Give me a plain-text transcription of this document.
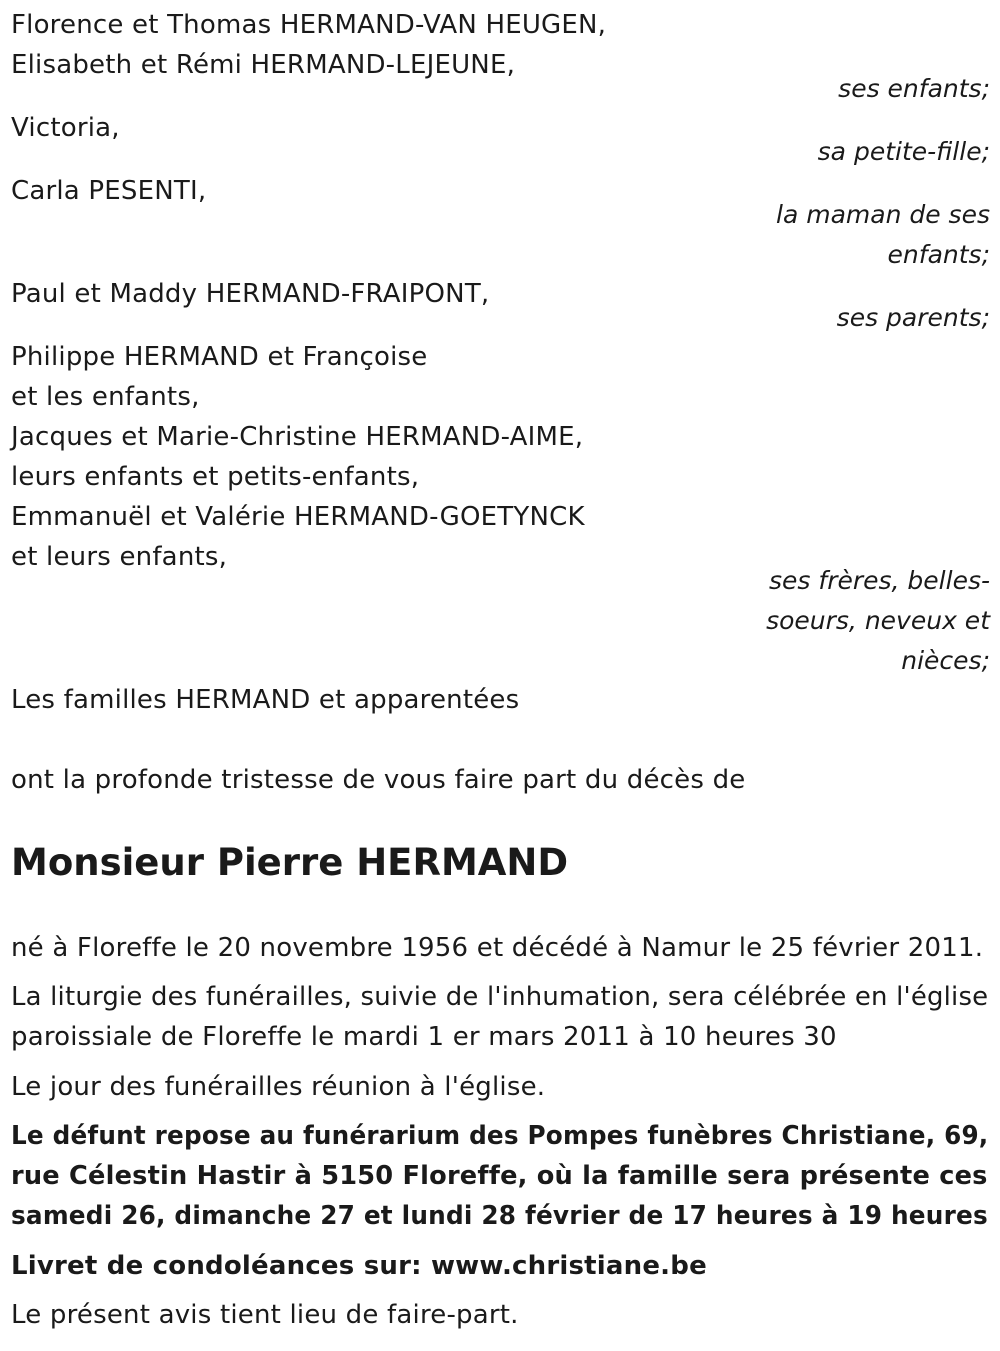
Florence et Thomas HERMAND-VAN HEUGEN,
Elisabeth et Rémi HERMAND-LEJEUNE,
ses enfants;
Victoria,
sa petite-fille;
Carla PESENTI,
la maman de ses
enfants;
Paul et Maddy HERMAND-FRAIPONT,
ses parents;
Philippe HERMAND et Françoise
et les enfants,
Jacques et Marie-Christine HERMAND-AIME,
leurs enfants et petits-enfants,
Emmanuël et Valérie HERMAND-GOETYNCK
et leurs enfants,
ses frères, belles-
soeurs, neveux et
nièces;
Les familles HERMAND et apparentées
ont la profonde tristesse de vous faire part du décès de
Monsieur Pierre HERMAND
né à Floreffe le 20 novembre 1956 et décédé à Namur le 25 février 2011.
La liturgie des funérailles, suivie de l'inhumation, sera célébrée en l'église
paroissiale de Floreffe le mardi 1 er mars 2011 à 10 heures 30
Le jour des funérailles réunion à l'église.
Le défunt repose au funérarium des Pompes funèbres Christiane, 69,
rue Célestin Hastir à 5150 Floreffe, où la famille sera présente ces
samedi 26, dimanche 27 et lundi 28 février de 17 heures à 19 heures
Livret de condoléances sur: www.christiane.be
Le présent avis tient lieu de faire-part.
